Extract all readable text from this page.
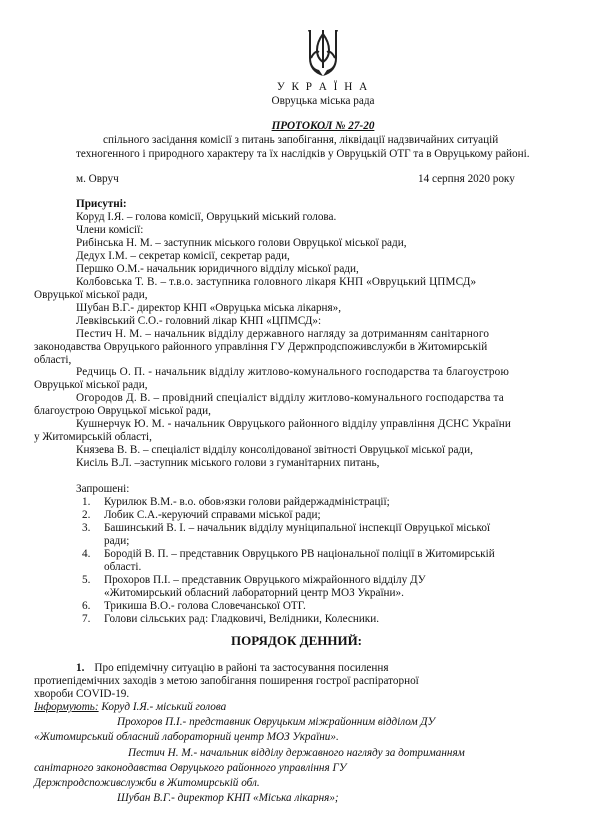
У К Р А Ї Н А
Овруцька міська рада
ПРОТОКОЛ № 27-20
спільного засідання комісії з питань запобігання, ліквідації надзвичайних ситуацій
техногенного і природного характеру та їх наслідків у Овруцькій ОТГ та в Овруцькому районі.
м. Овруч	14 серпня 2020 року
Присутні:
Коруд І.Я. – голова комісії, Овруцький міський голова.
Члени комісії:
Рибінська Н. М. – заступник міського голови Овруцької міської ради,
Дедух І.М. – секретар комісії, секретар ради,
Першко О.М.- начальник юридичного відділу міської ради,
Колбовська Т. В. – т.в.о. заступника головного лікаря КНП «Овруцький ЦПМСД»
Овруцької міської ради,
Шубан В.Г.- директор КНП «Овруцька міська лікарня»,
Левківський С.О.- головний лікар КНП «ЦПМСД»:
Пестич Н. М. – начальник відділу державного нагляду за дотриманням санітарного
законодавства Овруцького районного управління ГУ Держпродспоживслужби в Житомирській
області,
Редчиць О. П. - начальник відділу житлово-комунального господарства та благоустрою
Овруцької міської ради,
Огородов Д. В. – провідний спеціаліст відділу житлово-комунального господарства та
благоустрою Овруцької міської ради,
Кушнерчук Ю. М. - начальник Овруцького районного відділу управління ДСНС України
у Житомирській області,
Князева В. В. – спеціаліст відділу консолідованої звітності Овруцької міської ради,
Кисіль В.Л. –заступник міського голови з гуманітарних питань,
Запрошені:
1. Курилюк В.М.- в.о. обов›язки голови райдержадміністрації;
2. Лобик С.А.-керуючий справами міської ради;
3. Башинський В. І. – начальник відділу муніципальної інспекції Овруцької міської
ради;
4. Бородій В. П. – представник Овруцького РВ національної поліції в Житомирській
області.
5. Прохоров П.І. – представник Овруцького міжрайонного відділу ДУ
«Житомирський обласний лабораторний центр МОЗ України».
6. Трикиша В.О.- голова Словечанської ОТГ.
7. Голови сільських рад: Гладковичі, Велідники, Колесники.
ПОРЯДОК ДЕННИЙ:
1. Про епідемічну ситуацію в районі та застосування посилення
протиепідемічних заходів з метою запобігання поширення гострої распіраторної
хвороби COVID-19.
Інформують: Коруд І.Я.- міський голова
Прохоров П.І.- представник Овруцьким міжрайонним відділом ДУ
«Житомирський обласний лабораторний центр МОЗ України».
Пестич Н. М.- начальник відділу державного нагляду за дотриманням
санітарного законодавства Овруцького районного управління ГУ
Держпродспоживслужби в Житомирській обл.
Шубан В.Г.- директор КНП «Міська лікарня»;
